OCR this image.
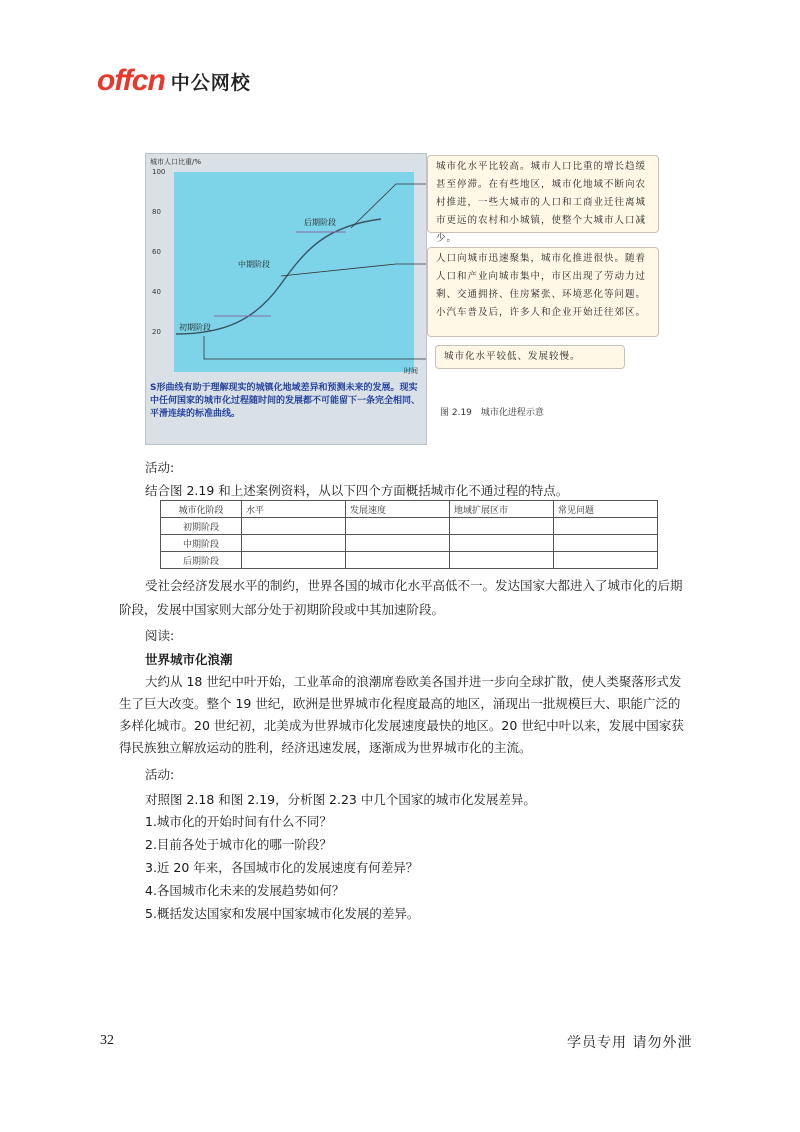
offcn 中公网校
城市人口比重/%
100
80
60
40
20
后期阶段
中期阶段
初期阶段
时间
S形曲线有助于理解现实的城镇化地域差异和预测未来的发展。现实中任何国家的城市化过程随时间的发展都不可能留下一条完全相同、平滑连续的标准曲线。
城市化水平比较高。城市人口比重的增长趋缓甚至停滞。在有些地区，城市化地域不断向农村推进，一些大城市的人口和工商业迁往离城市更远的农村和小城镇，使整个大城市人口减少。
人口向城市迅速聚集，城市化推进很快。随着人口和产业向城市集中，市区出现了劳动力过剩、交通拥挤、住房紧张、环境恶化等问题。小汽车普及后，许多人和企业开始迁往郊区。
城市化水平较低、发展较慢。
图 2.19　城市化进程示意
活动:
结合图 2.19 和上述案例资料，从以下四个方面概括城市化不通过程的特点。
城市化阶段	水平	发展速度	地域扩展区市	常见问题
初期阶段				
中期阶段				
后期阶段				
受社会经济发展水平的制约，世界各国的城市化水平高低不一。发达国家大都进入了城市化的后期
阶段，发展中国家则大部分处于初期阶段或中其加速阶段。
阅读:
世界城市化浪潮
大约从 18 世纪中叶开始，工业革命的浪潮席卷欧美各国并进一步向全球扩散，使人类聚落形式发
生了巨大改变。整个 19 世纪，欧洲是世界城市化程度最高的地区，涌现出一批规模巨大、职能广泛的
多样化城市。20 世纪初，北美成为世界城市化发展速度最快的地区。20 世纪中叶以来，发展中国家获
得民族独立解放运动的胜利，经济迅速发展，逐渐成为世界城市化的主流。
活动:
对照图 2.18 和图 2.19，分析图 2.23 中几个国家的城市化发展差异。
1.城市化的开始时间有什么不同？
2.目前各处于城市化的哪一阶段？
3.近 20 年来，各国城市化的发展速度有何差异？
4.各国城市化未来的发展趋势如何？
5.概括发达国家和发展中国家城市化发展的差异。
32	学员专用 请勿外泄
